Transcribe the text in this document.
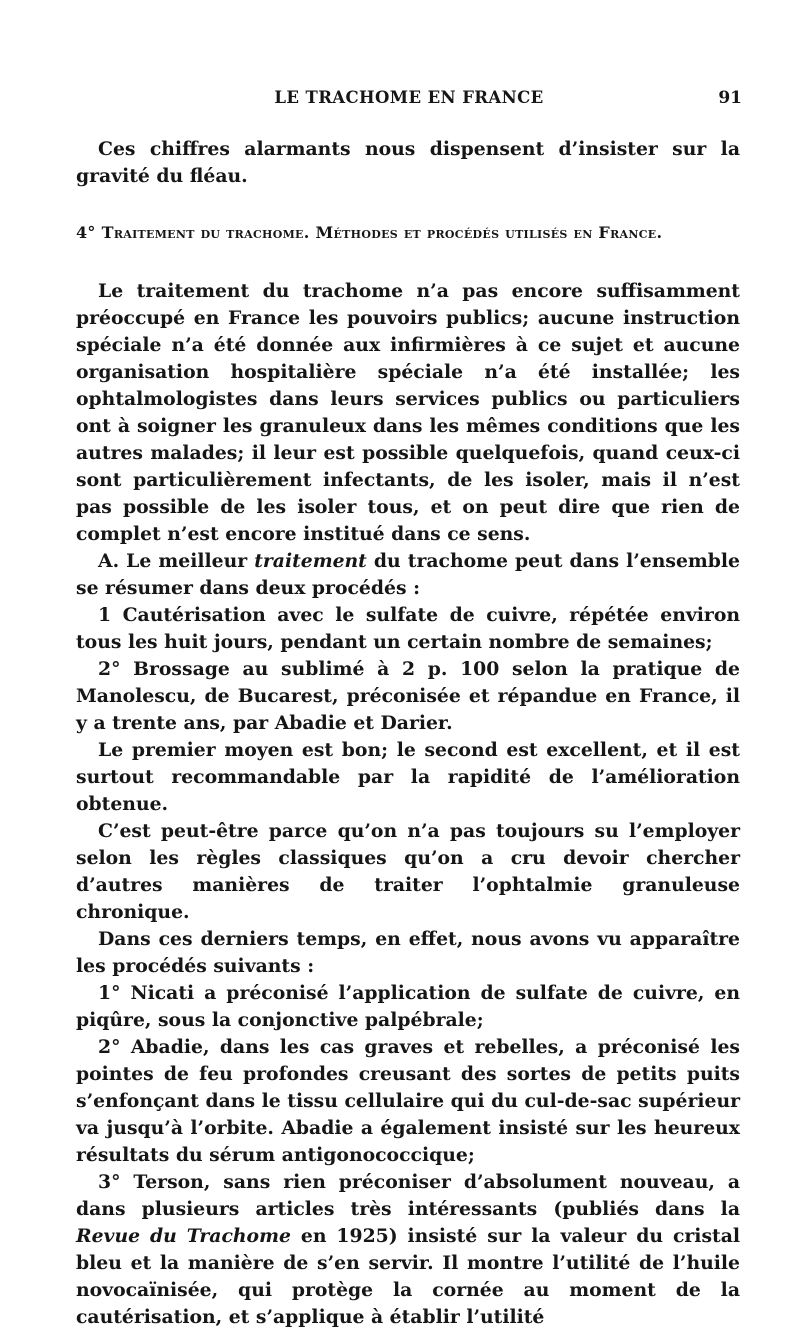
LE TRACHOME EN FRANCE	91

Ces chiffres alarmants nous dispensent d’insister sur la gravité du fléau.

4° Traitement du trachome. Méthodes et procédés utilisés en France.

Le traitement du trachome n’a pas encore suffisamment préoccupé en France les pouvoirs publics; aucune instruction spéciale n’a été donnée aux infirmières à ce sujet et aucune organisation hospitalière spéciale n’a été installée; les ophtalmologistes dans leurs services publics ou particuliers ont à soigner les granuleux dans les mêmes conditions que les autres malades; il leur est possible quelquefois, quand ceux-ci sont particulièrement infectants, de les isoler, mais il n’est pas possible de les isoler tous, et on peut dire que rien de complet n’est encore institué dans ce sens.

A. Le meilleur traitement du trachome peut dans l’ensemble se résumer dans deux procédés :

1 Cautérisation avec le sulfate de cuivre, répétée environ tous les huit jours, pendant un certain nombre de semaines;

2° Brossage au sublimé à 2 p. 100 selon la pratique de Manolescu, de Bucarest, préconisée et répandue en France, il y a trente ans, par Abadie et Darier.

Le premier moyen est bon; le second est excellent, et il est surtout recommandable par la rapidité de l’amélioration obtenue.

C’est peut-être parce qu’on n’a pas toujours su l’employer selon les règles classiques qu’on a cru devoir chercher d’autres manières de traiter l’ophtalmie granuleuse chronique.

Dans ces derniers temps, en effet, nous avons vu apparaître les procédés suivants :

1° Nicati a préconisé l’application de sulfate de cuivre, en piqûre, sous la conjonctive palpébrale;

2° Abadie, dans les cas graves et rebelles, a préconisé les pointes de feu profondes creusant des sortes de petits puits s’enfonçant dans le tissu cellulaire qui du cul-de-sac supérieur va jusqu’à l’orbite. Abadie a également insisté sur les heureux résultats du sérum antigonococcique;

3° Terson, sans rien préconiser d’absolument nouveau, a dans plusieurs articles très intéressants (publiés dans la Revue du Trachome en 1925) insisté sur la valeur du cristal bleu et la manière de s’en servir. Il montre l’utilité de l’huile novocaïnisée, qui protège la cornée au moment de la cautérisation, et s’applique à établir l’utilité
